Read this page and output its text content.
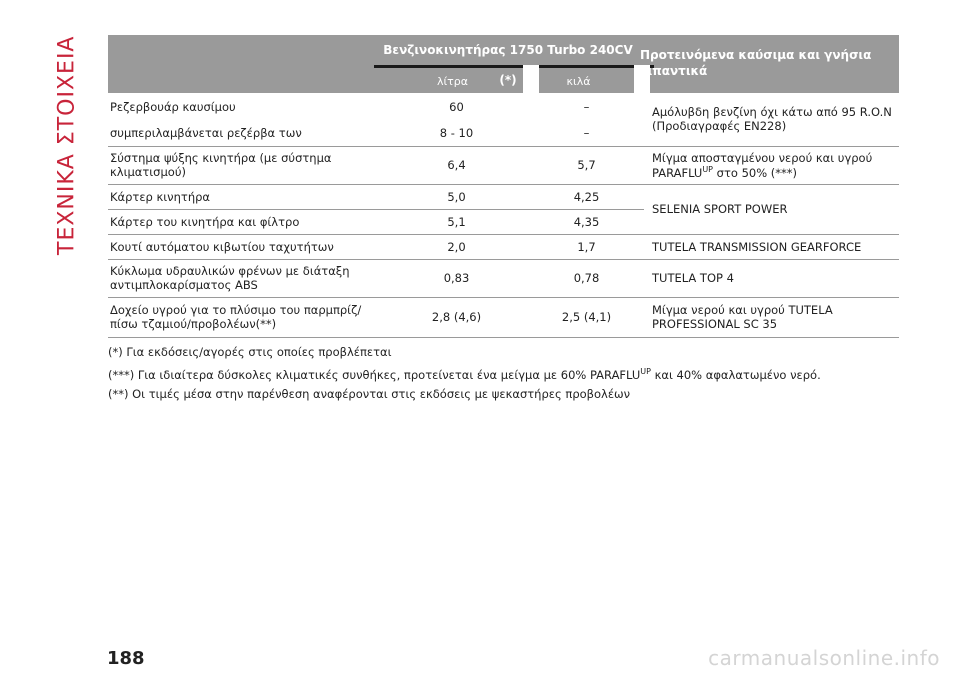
ΤΕΧΝΙΚΑ ΣΤΟΙΧΕΙΑ	Βενζινοκινητήρας 1750 Turbo 240CV (*)
λίτρα	κιλά
Προτεινόμενα καύσιμα και γνήσια λιπαντικά
Ρεζερβουάρ καυσίμου	60	–	Αμόλυβδη βενζίνη όχι κάτω από 95 R.O.N (Προδιαγραφές EN228)
συμπεριλαμβάνεται ρεζέρβα των	8 - 10	–	
Σύστημα ψύξης κινητήρα (με σύστημα κλιματισμού)	6,4	5,7	Μίγμα αποσταγμένου νερού και υγρού $PARAFLU^{UP}$ στο 50% (***)
Κάρτερ κινητήρα	5,0	4,25	SELENIA SPORT POWER
Κάρτερ του κινητήρα και φίλτρο	5,1	4,35	
Κουτί αυτόματου κιβωτίου ταχυτήτων	2,0	1,7	TUTELA TRANSMISSION GEARFORCE
Κύκλωμα υδραυλικών φρένων με διάταξη αντιμπλοκαρίσματος ABS	0,83	0,78	TUTELA TOP 4
Δοχείο υγρού για το πλύσιμο του παρμπρίζ/πίσω τζαμιού/προβολέων(**)	2,8 (4,6)	2,5 (4,1)	Μίγμα νερού και υγρού TUTELA PROFESSIONAL SC 35
(*) Για εκδόσεις/αγορές στις οποίες προβλέπεται
(***) Για ιδιαίτερα δύσκολες κλιματικές συνθήκες, προτείνεται ένα μείγμα με 60% $PARAFLU^{UP}$ και 40% αφαλατωμένο νερό.
(**) Οι τιμές μέσα στην παρένθεση αναφέρονται στις εκδόσεις με ψεκαστήρες προβολέων
188	carmanualsonline.info
